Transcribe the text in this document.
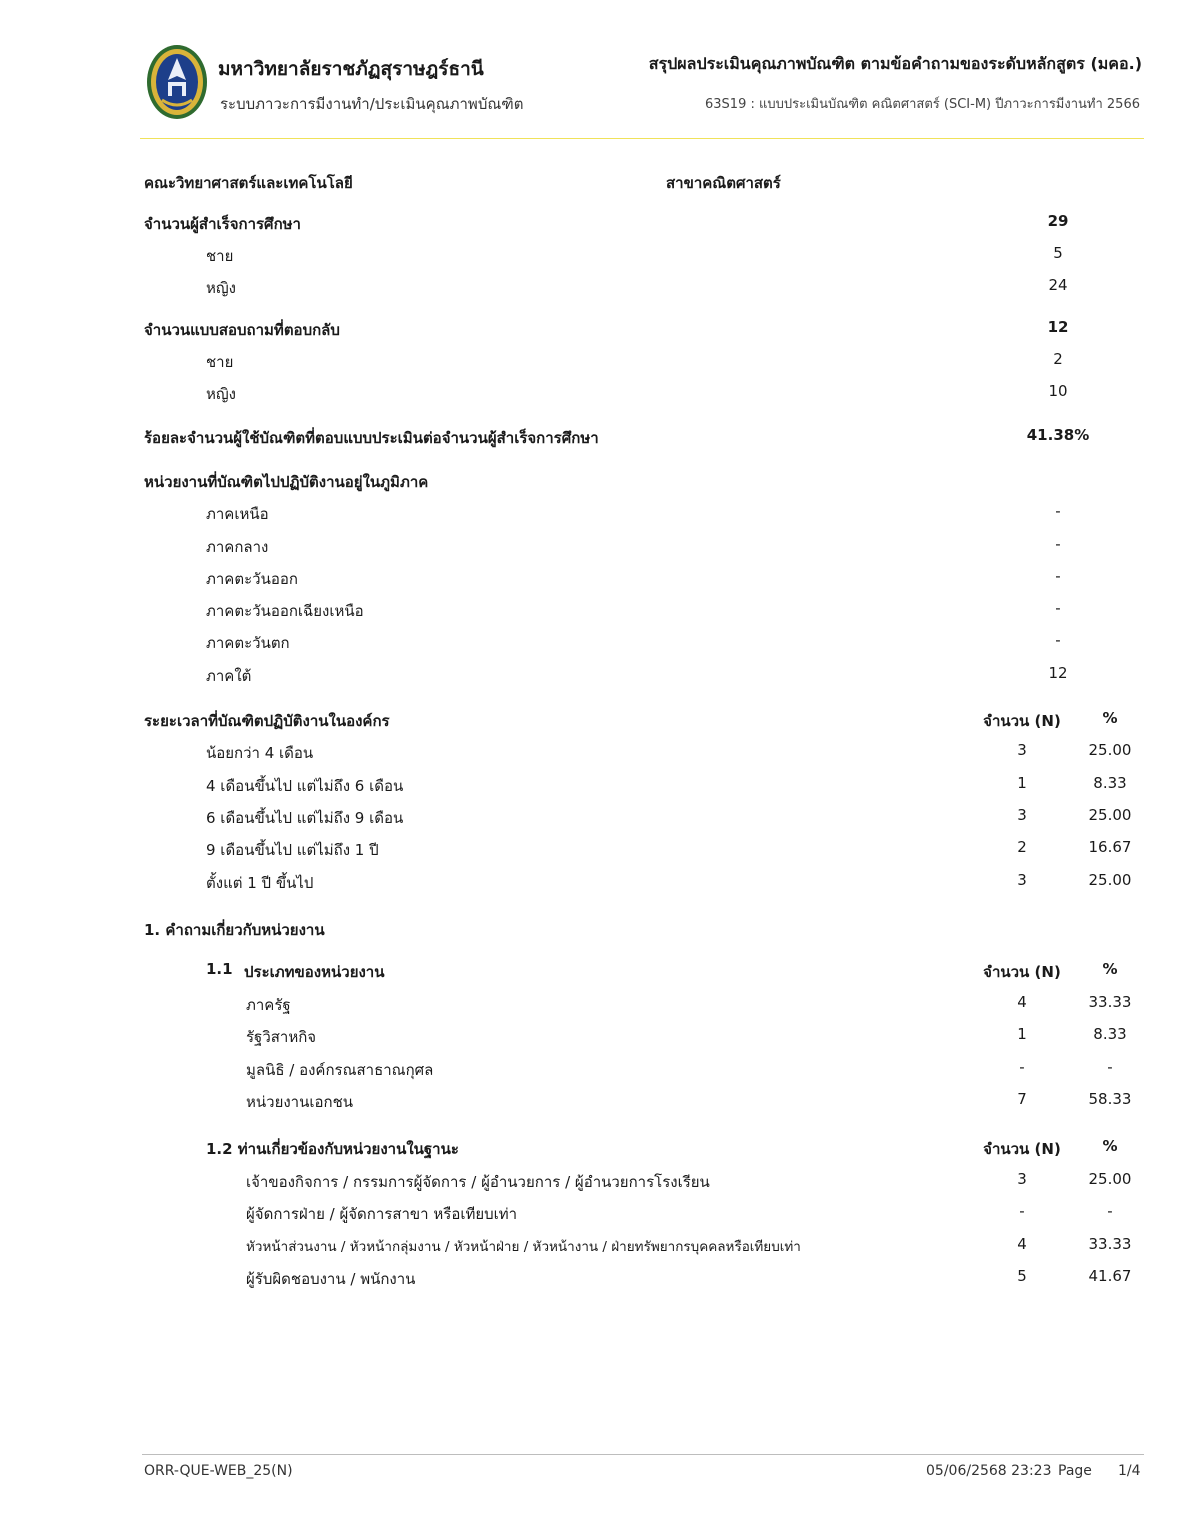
มหาวิทยาลัยราชภัฏสุราษฎร์ธานี
ระบบภาวะการมีงานทำ/ประเมินคุณภาพบัณฑิต
สรุปผลประเมินคุณภาพบัณฑิต ตามข้อคำถามของระดับหลักสูตร (มคอ.)
63S19 : แบบประเมินบัณฑิต คณิตศาสตร์ (SCI-M) ปีภาวะการมีงานทำ 2566
คณะวิทยาศาสตร์และเทคโนโลยี	สาขาคณิตศาสตร์
จำนวนผู้สำเร็จการศึกษา	29
ชาย	5
หญิง	24
จำนวนแบบสอบถามที่ตอบกลับ	12
ชาย	2
หญิง	10
ร้อยละจำนวนผู้ใช้บัณฑิตที่ตอบแบบประเมินต่อจำนวนผู้สำเร็จการศึกษา	41.38%
หน่วยงานที่บัณฑิตไปปฏิบัติงานอยู่ในภูมิภาค
ภาคเหนือ	-
ภาคกลาง	-
ภาคตะวันออก	-
ภาคตะวันออกเฉียงเหนือ	-
ภาคตะวันตก	-
ภาคใต้	12
ระยะเวลาที่บัณฑิตปฏิบัติงานในองค์กร	จำนวน (N)	%
น้อยกว่า 4 เดือน	3	25.00
4 เดือนขึ้นไป แต่ไม่ถึง 6 เดือน	1	8.33
6 เดือนขึ้นไป แต่ไม่ถึง 9 เดือน	3	25.00
9 เดือนขึ้นไป แต่ไม่ถึง 1 ปี	2	16.67
ตั้งแต่ 1 ปี ขึ้นไป	3	25.00
1. คำถามเกี่ยวกับหน่วยงาน
1.1 ประเภทของหน่วยงาน	จำนวน (N)	%
ภาครัฐ	4	33.33
รัฐวิสาหกิจ	1	8.33
มูลนิธิ / องค์กรณสาธาณกุศล	-	-
หน่วยงานเอกชน	7	58.33
1.2 ท่านเกี่ยวข้องกับหน่วยงานในฐานะ	จำนวน (N)	%
เจ้าของกิจการ / กรรมการผู้จัดการ / ผู้อำนวยการ / ผู้อำนวยการโรงเรียน	3	25.00
ผู้จัดการฝ่าย / ผู้จัดการสาขา หรือเทียบเท่า	-	-
หัวหน้าส่วนงาน / หัวหน้ากลุ่มงาน / หัวหน้าฝ่าย / หัวหน้างาน / ฝ่ายทรัพยากรบุคคลหรือเทียบเท่า	4	33.33
ผู้รับผิดชอบงาน / พนักงาน	5	41.67
ORR-QUE-WEB_25(N)	05/06/2568 23:23 Page 1/4
